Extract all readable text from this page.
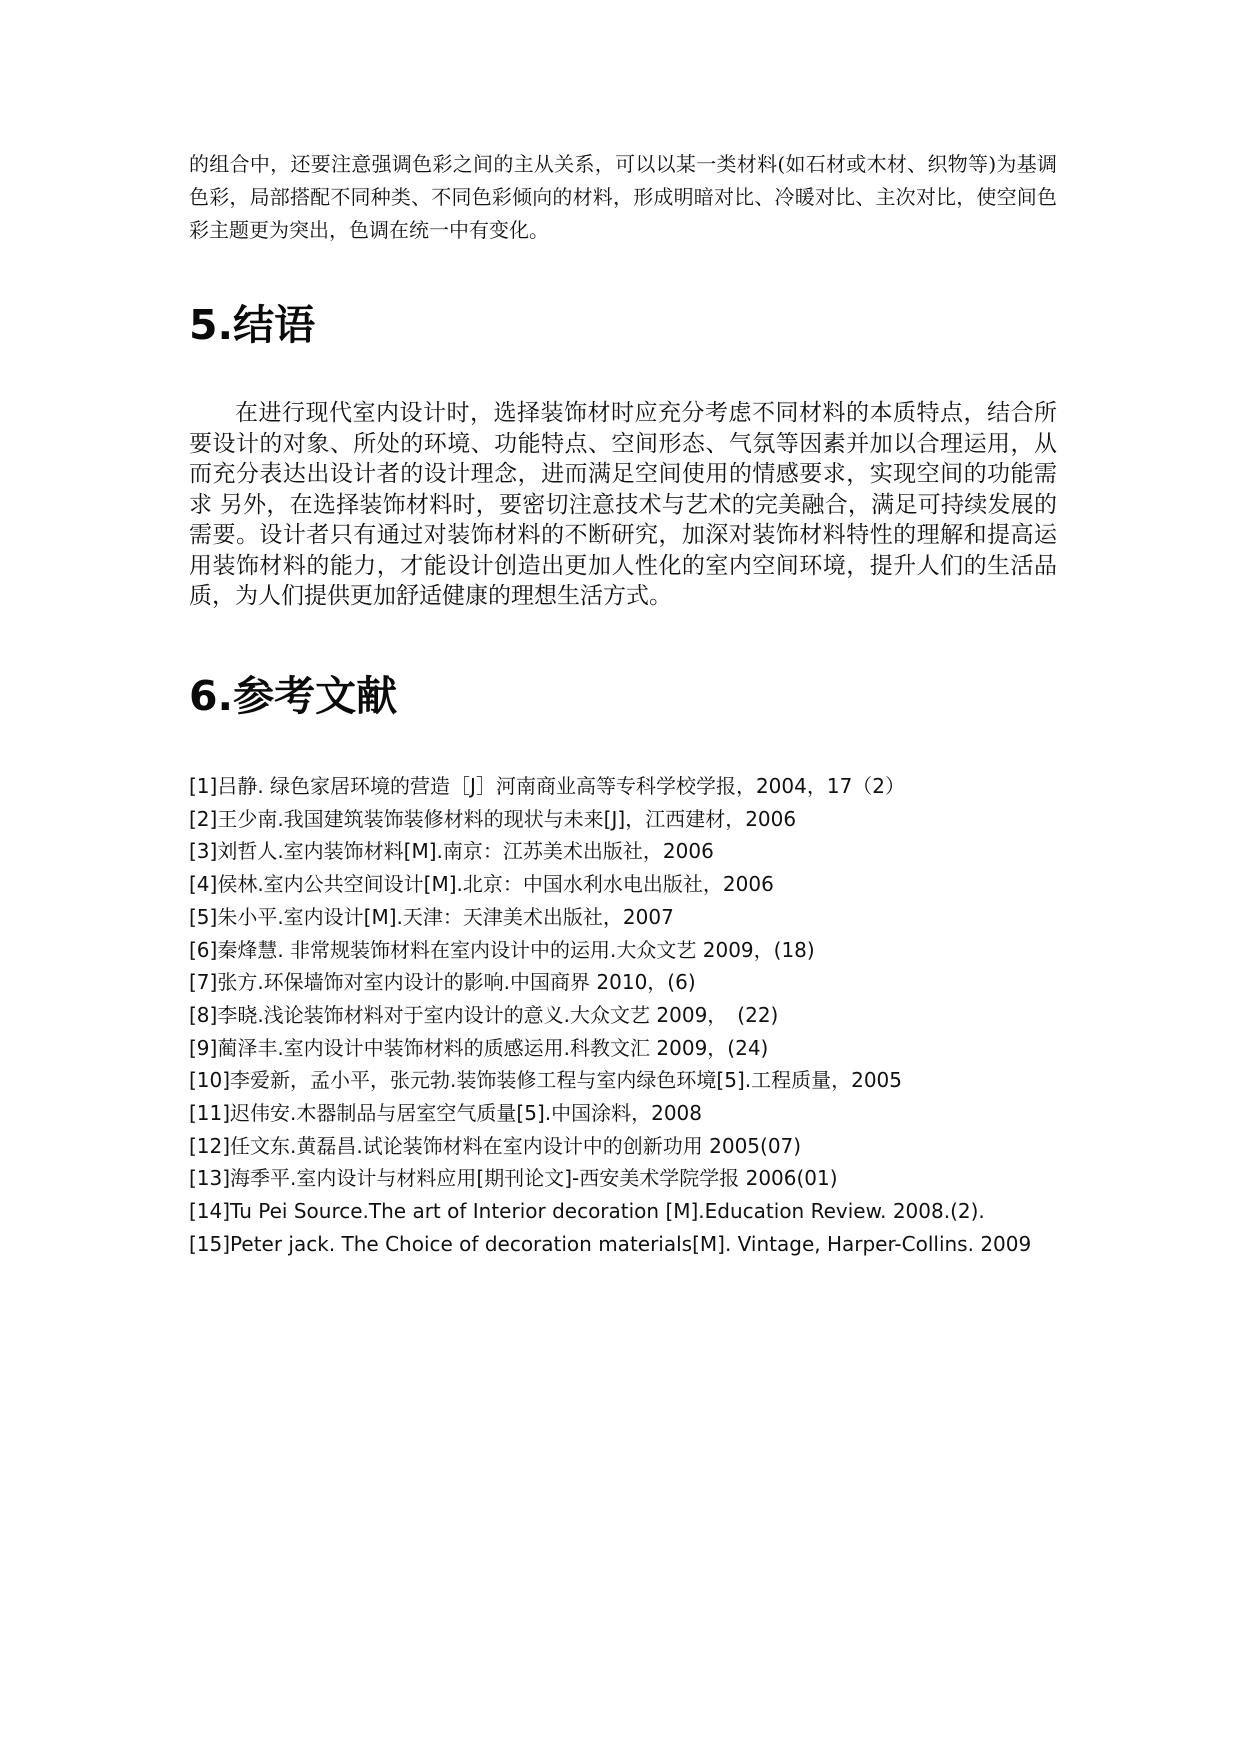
的组合中，还要注意强调色彩之间的主从关系，可以以某一类材料(如石材或木材、织物等)为基调色彩，局部搭配不同种类、不同色彩倾向的材料，形成明暗对比、冷暖对比、主次对比，使空间色彩主题更为突出，色调在统一中有变化。

5.结语

在进行现代室内设计时，选择装饰材时应充分考虑不同材料的本质特点，结合所要设计的对象、所处的环境、功能特点、空间形态、气氛等因素并加以合理运用，从而充分表达出设计者的设计理念，进而满足空间使用的情感要求，实现空间的功能需求 另外，在选择装饰材料时，要密切注意技术与艺术的完美融合，满足可持续发展的需要。设计者只有通过对装饰材料的不断研究，加深对装饰材料特性的理解和提高运用装饰材料的能力，才能设计创造出更加人性化的室内空间环境，提升人们的生活品质，为人们提供更加舒适健康的理想生活方式。

6.参考文献
[1]吕静. 绿色家居环境的营造［J］河南商业高等专科学校学报，2004，17（2）
[2]王少南.我国建筑装饰装修材料的现状与未来[J]，江西建材，2006
[3]刘哲人.室内装饰材料[M].南京：江苏美术出版社，2006
[4]侯林.室内公共空间设计[M].北京：中国水利水电出版社，2006
[5]朱小平.室内设计[M].天津：天津美术出版社，2007
[6]秦烽慧. 非常规装饰材料在室内设计中的运用.大众文艺 2009，(18)
[7]张方.环保墙饰对室内设计的影响.中国商界 2010，(6)
[8]李晓.浅论装饰材料对于室内设计的意义.大众文艺 2009，　(22)
[9]蔺泽丰.室内设计中装饰材料的质感运用.科教文汇 2009，(24)
[10]李爱新，孟小平，张元勃.装饰装修工程与室内绿色环境[5].工程质量，2005
[11]迟伟安.木器制品与居室空气质量[5].中国涂料，2008
[12]任文东.黄磊昌.试论装饰材料在室内设计中的创新功用 2005(07)
[13]海季平.室内设计与材料应用[期刊论文]-西安美术学院学报 2006(01)
[14]Tu Pei Source.The art of Interior decoration [M].Education Review. 2008.(2).
[15]Peter jack. The Choice of decoration materials[M]. Vintage, Harper-Collins. 2009
